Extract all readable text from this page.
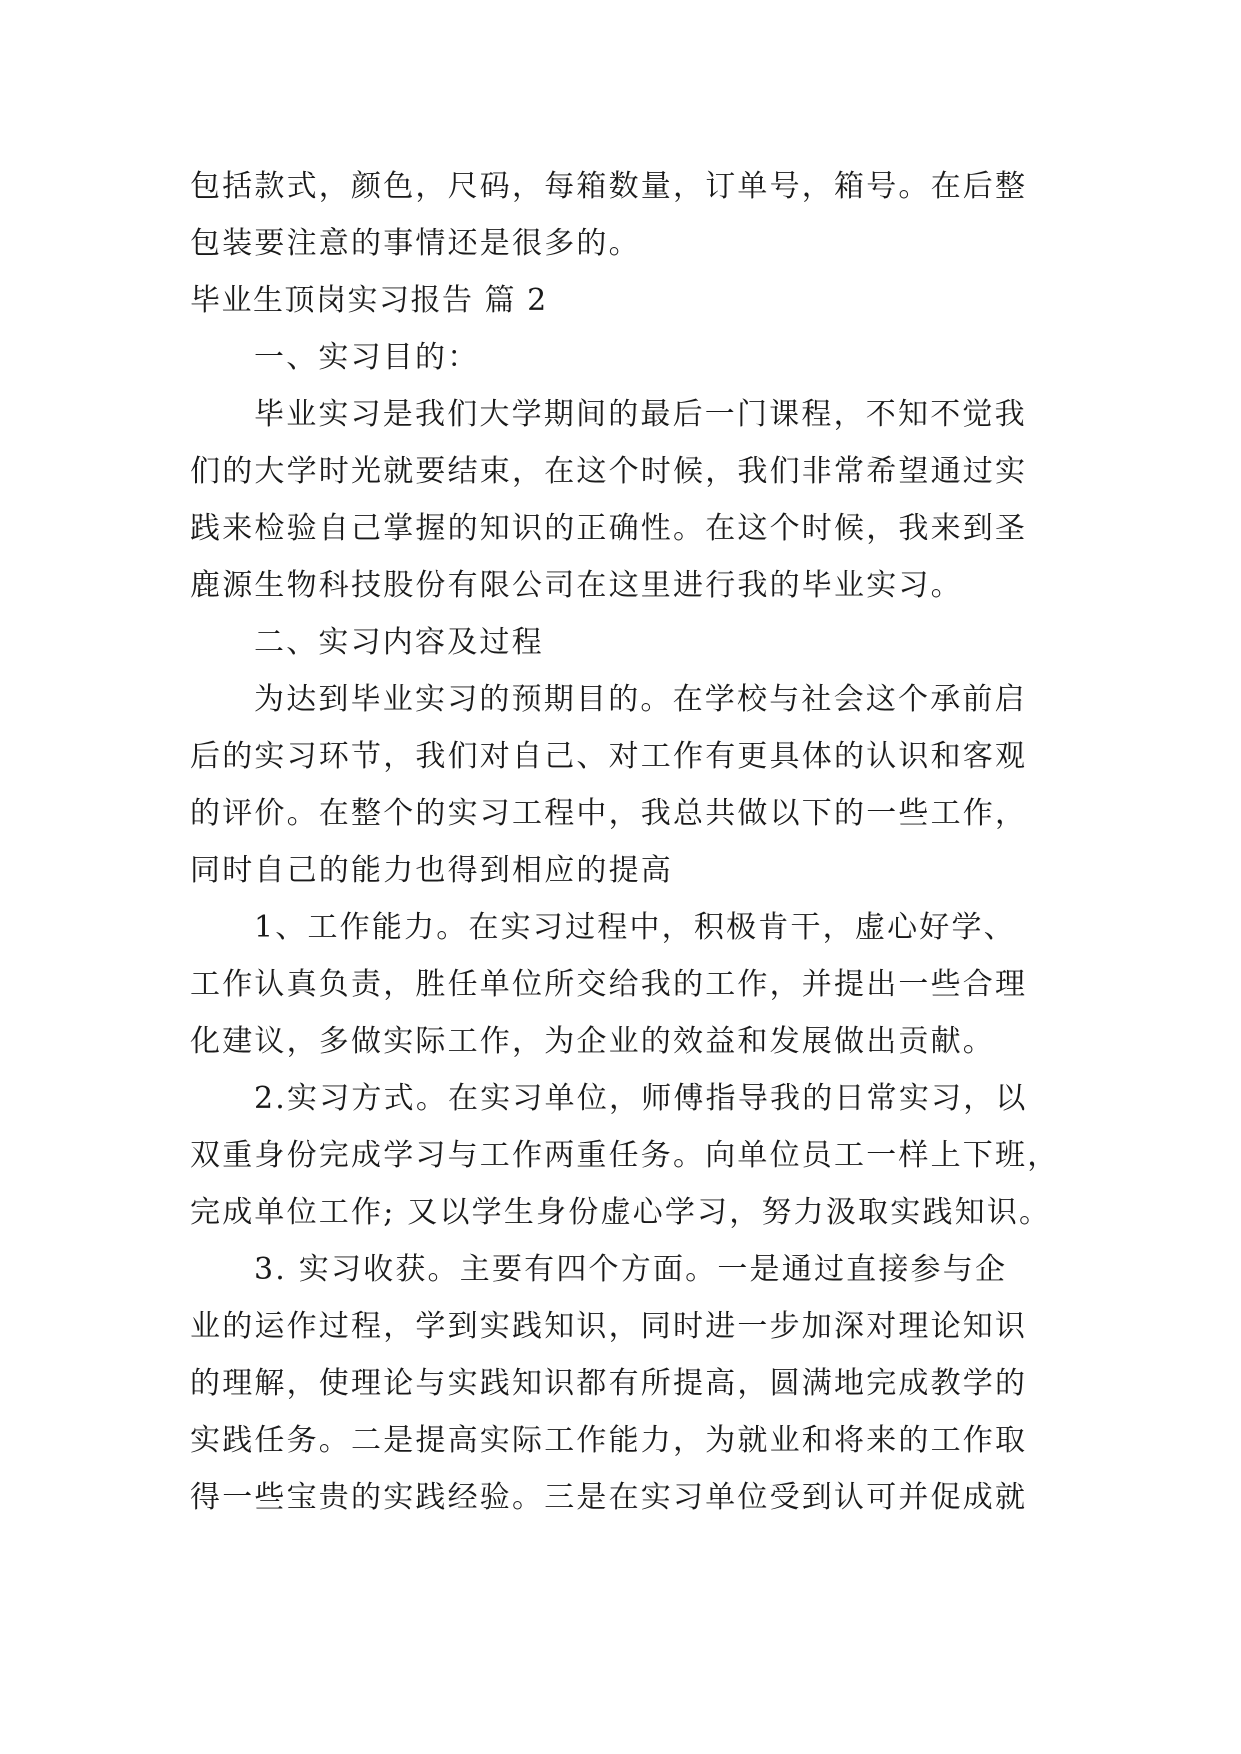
包括款式，颜色，尺码，每箱数量，订单号，箱号。在后整
包装要注意的事情还是很多的。
毕业生顶岗实习报告 篇 2
一、实习目的：
毕业实习是我们大学期间的最后一门课程，不知不觉我
们的大学时光就要结束，在这个时候，我们非常希望通过实
践来检验自己掌握的知识的正确性。在这个时候，我来到圣
鹿源生物科技股份有限公司在这里进行我的毕业实习。
二、实习内容及过程
为达到毕业实习的预期目的。在学校与社会这个承前启
后的实习环节，我们对自己、对工作有更具体的认识和客观
的评价。在整个的实习工程中，我总共做以下的一些工作，
同时自己的能力也得到相应的提高
1、工作能力。在实习过程中，积极肯干，虚心好学、
工作认真负责，胜任单位所交给我的工作，并提出一些合理
化建议，多做实际工作，为企业的效益和发展做出贡献。
2.实习方式。在实习单位，师傅指导我的日常实习，以
双重身份完成学习与工作两重任务。向单位员工一样上下班，
完成单位工作; 又以学生身份虚心学习，努力汲取实践知识。
3. 实习收获。主要有四个方面。一是通过直接参与企
业的运作过程，学到实践知识，同时进一步加深对理论知识
的理解，使理论与实践知识都有所提高，圆满地完成教学的
实践任务。二是提高实际工作能力，为就业和将来的工作取
得一些宝贵的实践经验。三是在实习单位受到认可并促成就
